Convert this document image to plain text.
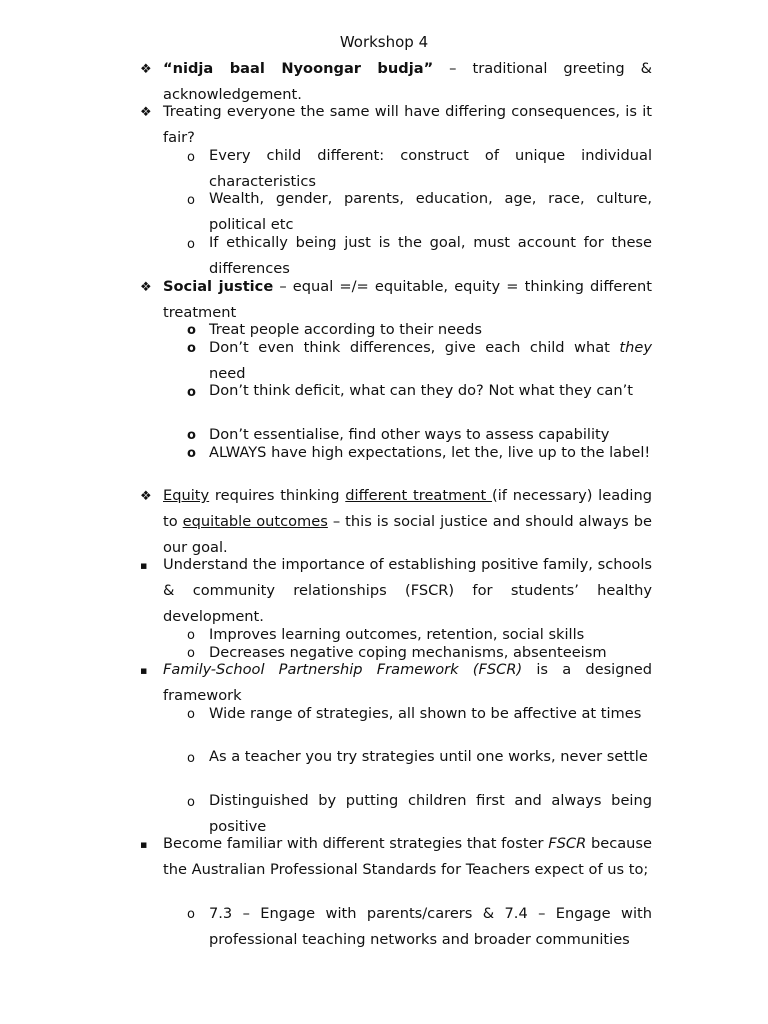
Workshop 4
❖ “nidja baal Nyoongar budja” – traditional greeting & acknowledgement.
❖ Treating everyone the same will have differing consequences, is it fair?
o Every child different: construct of unique individual characteristics
o Wealth, gender, parents, education, age, race, culture, political etc
o If ethically being just is the goal, must account for these differences
❖ Social justice – equal =/= equitable, equity = thinking different treatment
o Treat people according to their needs
o Don’t even think differences, give each child what they need
o Don’t think deficit, what can they do? Not what they can’t
o Don’t essentialise, find other ways to assess capability
o ALWAYS have high expectations, let the, live up to the label!
❖ Equity requires thinking different treatment (if necessary) leading to equitable outcomes – this is social justice and should always be our goal.
▪ Understand the importance of establishing positive family, schools & community relationships (FSCR) for students’ healthy development.
o Improves learning outcomes, retention, social skills
o Decreases negative coping mechanisms, absenteeism
▪ Family-School Partnership Framework (FSCR) is a designed framework
o Wide range of strategies, all shown to be affective at times
o As a teacher you try strategies until one works, never settle
o Distinguished by putting children first and always being positive
▪ Become familiar with different strategies that foster FSCR because the Australian Professional Standards for Teachers expect of us to;
o 7.3 – Engage with parents/carers & 7.4 – Engage with professional teaching networks and broader communities
